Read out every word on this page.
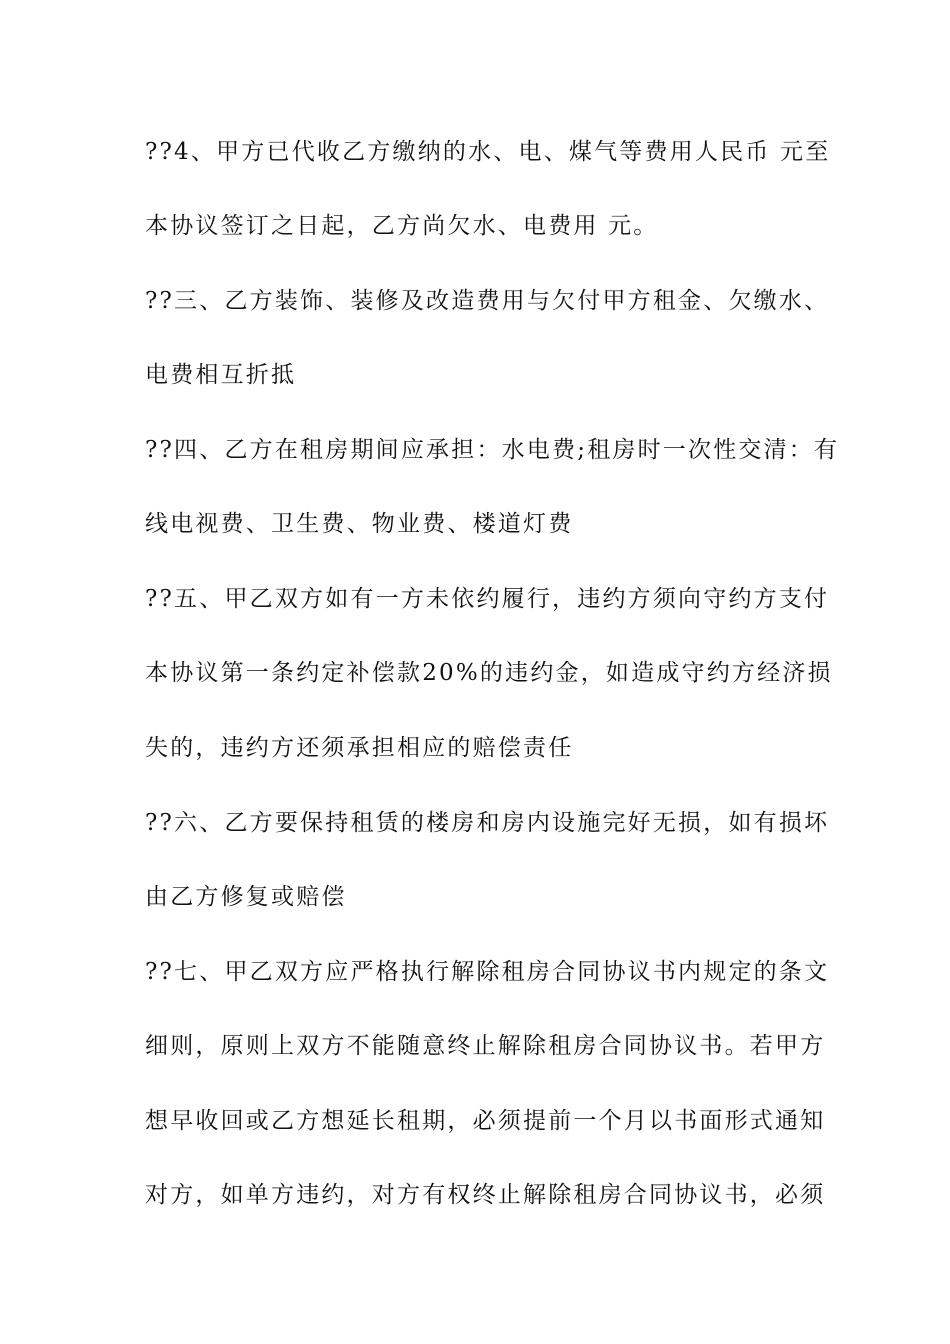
??4、甲方已代收乙方缴纳的水、电、煤气等费用人民币 元至
本协议签订之日起，乙方尚欠水、电费用 元。
??三、乙方装饰、装修及改造费用与欠付甲方租金、欠缴水、
电费相互折抵
??四、乙方在租房期间应承担：水电费;租房时一次性交清：有
线电视费、卫生费、物业费、楼道灯费
??五、甲乙双方如有一方未依约履行，违约方须向守约方支付
本协议第一条约定补偿款20%的违约金，如造成守约方经济损
失的，违约方还须承担相应的赔偿责任
??六、乙方要保持租赁的楼房和房内设施完好无损，如有损坏
由乙方修复或赔偿
??七、甲乙双方应严格执行解除租房合同协议书内规定的条文
细则，原则上双方不能随意终止解除租房合同协议书。若甲方
想早收回或乙方想延长租期，必须提前一个月以书面形式通知
对方，如单方违约，对方有权终止解除租房合同协议书，必须
